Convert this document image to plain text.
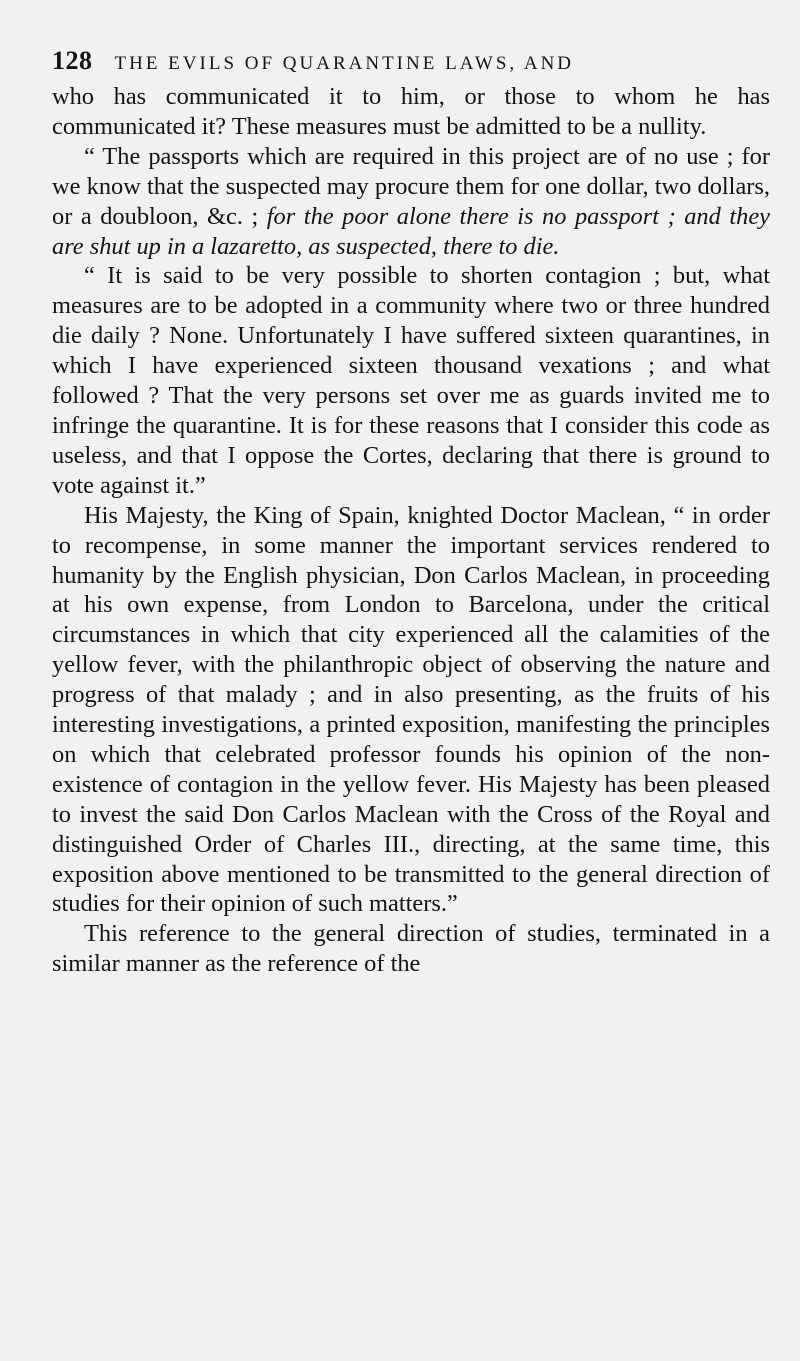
128 THE EVILS OF QUARANTINE LAWS, AND

who has communicated it to him, or those to whom he has communicated it? These measures must be admitted to be a nullity.

“ The passports which are required in this project are of no use ; for we know that the suspected may procure them for one dollar, two dollars, or a doubloon, &c. ; for the poor alone there is no passport ; and they are shut up in a lazaretto, as suspected, there to die.

“ It is said to be very possible to shorten contagion ; but, what measures are to be adopted in a community where two or three hundred die daily ? None. Unfortunately I have suffered sixteen quarantines, in which I have experienced sixteen thousand vexations ; and what followed ? That the very persons set over me as guards invited me to infringe the quarantine. It is for these reasons that I consider this code as useless, and that I oppose the Cortes, declaring that there is ground to vote against it.”

His Majesty, the King of Spain, knighted Doctor Maclean, “ in order to recompense, in some manner the important services rendered to humanity by the English physician, Don Carlos Maclean, in proceeding at his own expense, from London to Barcelona, under the critical circumstances in which that city experienced all the calamities of the yellow fever, with the philanthropic object of observing the nature and progress of that malady ; and in also presenting, as the fruits of his interesting investigations, a printed exposition, manifesting the principles on which that celebrated professor founds his opinion of the non-existence of contagion in the yellow fever. His Majesty has been pleased to invest the said Don Carlos Maclean with the Cross of the Royal and distinguished Order of Charles III., directing, at the same time, this exposition above mentioned to be transmitted to the general direction of studies for their opinion of such matters.”

This reference to the general direction of studies, terminated in a similar manner as the reference of the
